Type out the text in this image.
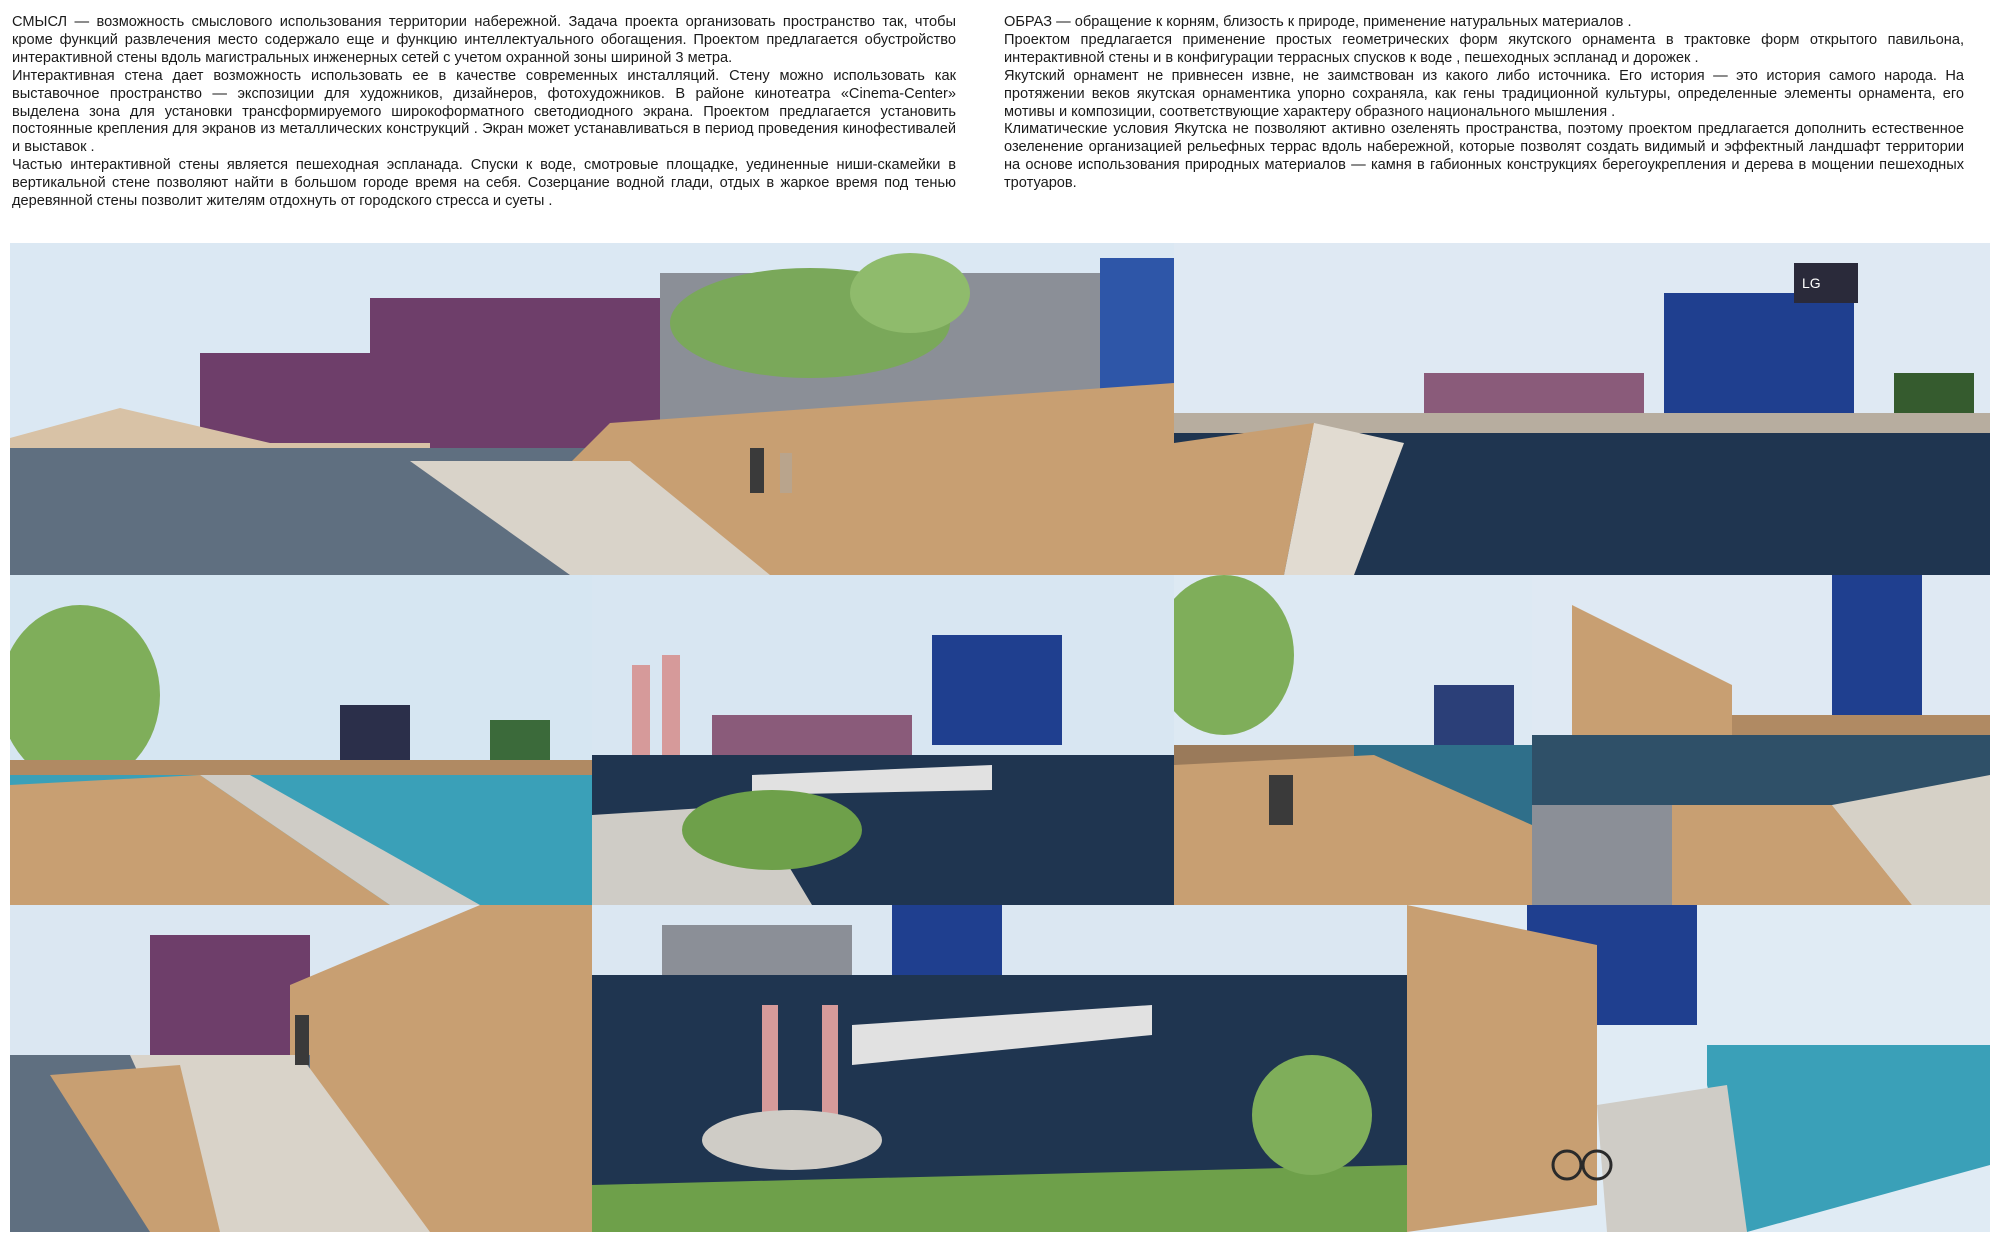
СМЫСЛ — возможность смыслового использования территории набережной. Задача проекта организовать пространство так, чтобы кроме функций развлечения место содержало еще и функцию интеллектуального обогащения. Проектом предлагается обустройство интерактивной стены вдоль магистральных инженерных сетей с учетом охранной зоны шириной 3 метра.

Интерактивная стена дает возможность использовать ее в качестве современных инсталляций. Стену можно использовать как выставочное пространство — экспозиции для художников, дизайнеров, фотохудожников. В районе кинотеатра «Cinema-Center» выделена зона для установки трансформируемого широкоформатного светодиодного экрана. Проектом предлагается установить постоянные крепления для экранов из металлических конструкций . Экран может устанавливаться в период проведения кинофестивалей и выставок .

Частью интерактивной стены является пешеходная эспланада. Спуски к воде, смотровые площадке, уединенные ниши-скамейки в вертикальной стене позволяют найти в большом городе время на себя. Созерцание водной глади, отдых в жаркое время под тенью деревянной стены позволит жителям отдохнуть от городского стресса и суеты .

ОБРАЗ — обращение к корням, близость к природе, применение натуральных материалов .

Проектом предлагается применение простых геометрических форм якутского орнамента в трактовке форм открытого павильона, интерактивной стены и в конфигурации террасных спусков к воде , пешеходных эспланад и дорожек .

Якутский орнамент не привнесен извне, не заимствован из какого либо источника. Его история — это история самого народа. На протяжении веков якутская орнаментика упорно сохраняла, как гены традиционной культуры, определенные элементы орнамента, его мотивы и композиции, соответствующие характеру образного национального мышления .

Климатические условия Якутска не позволяют активно озеленять пространства, поэтому проектом предлагается дополнить естественное озеленение организацией рельефных террас вдоль набережной, которые позволят создать видимый и эффектный ландшафт территории на основе использования природных материалов — камня в габионных конструкциях берегоукрепления и дерева в мощении пешеходных тротуаров.

LG
